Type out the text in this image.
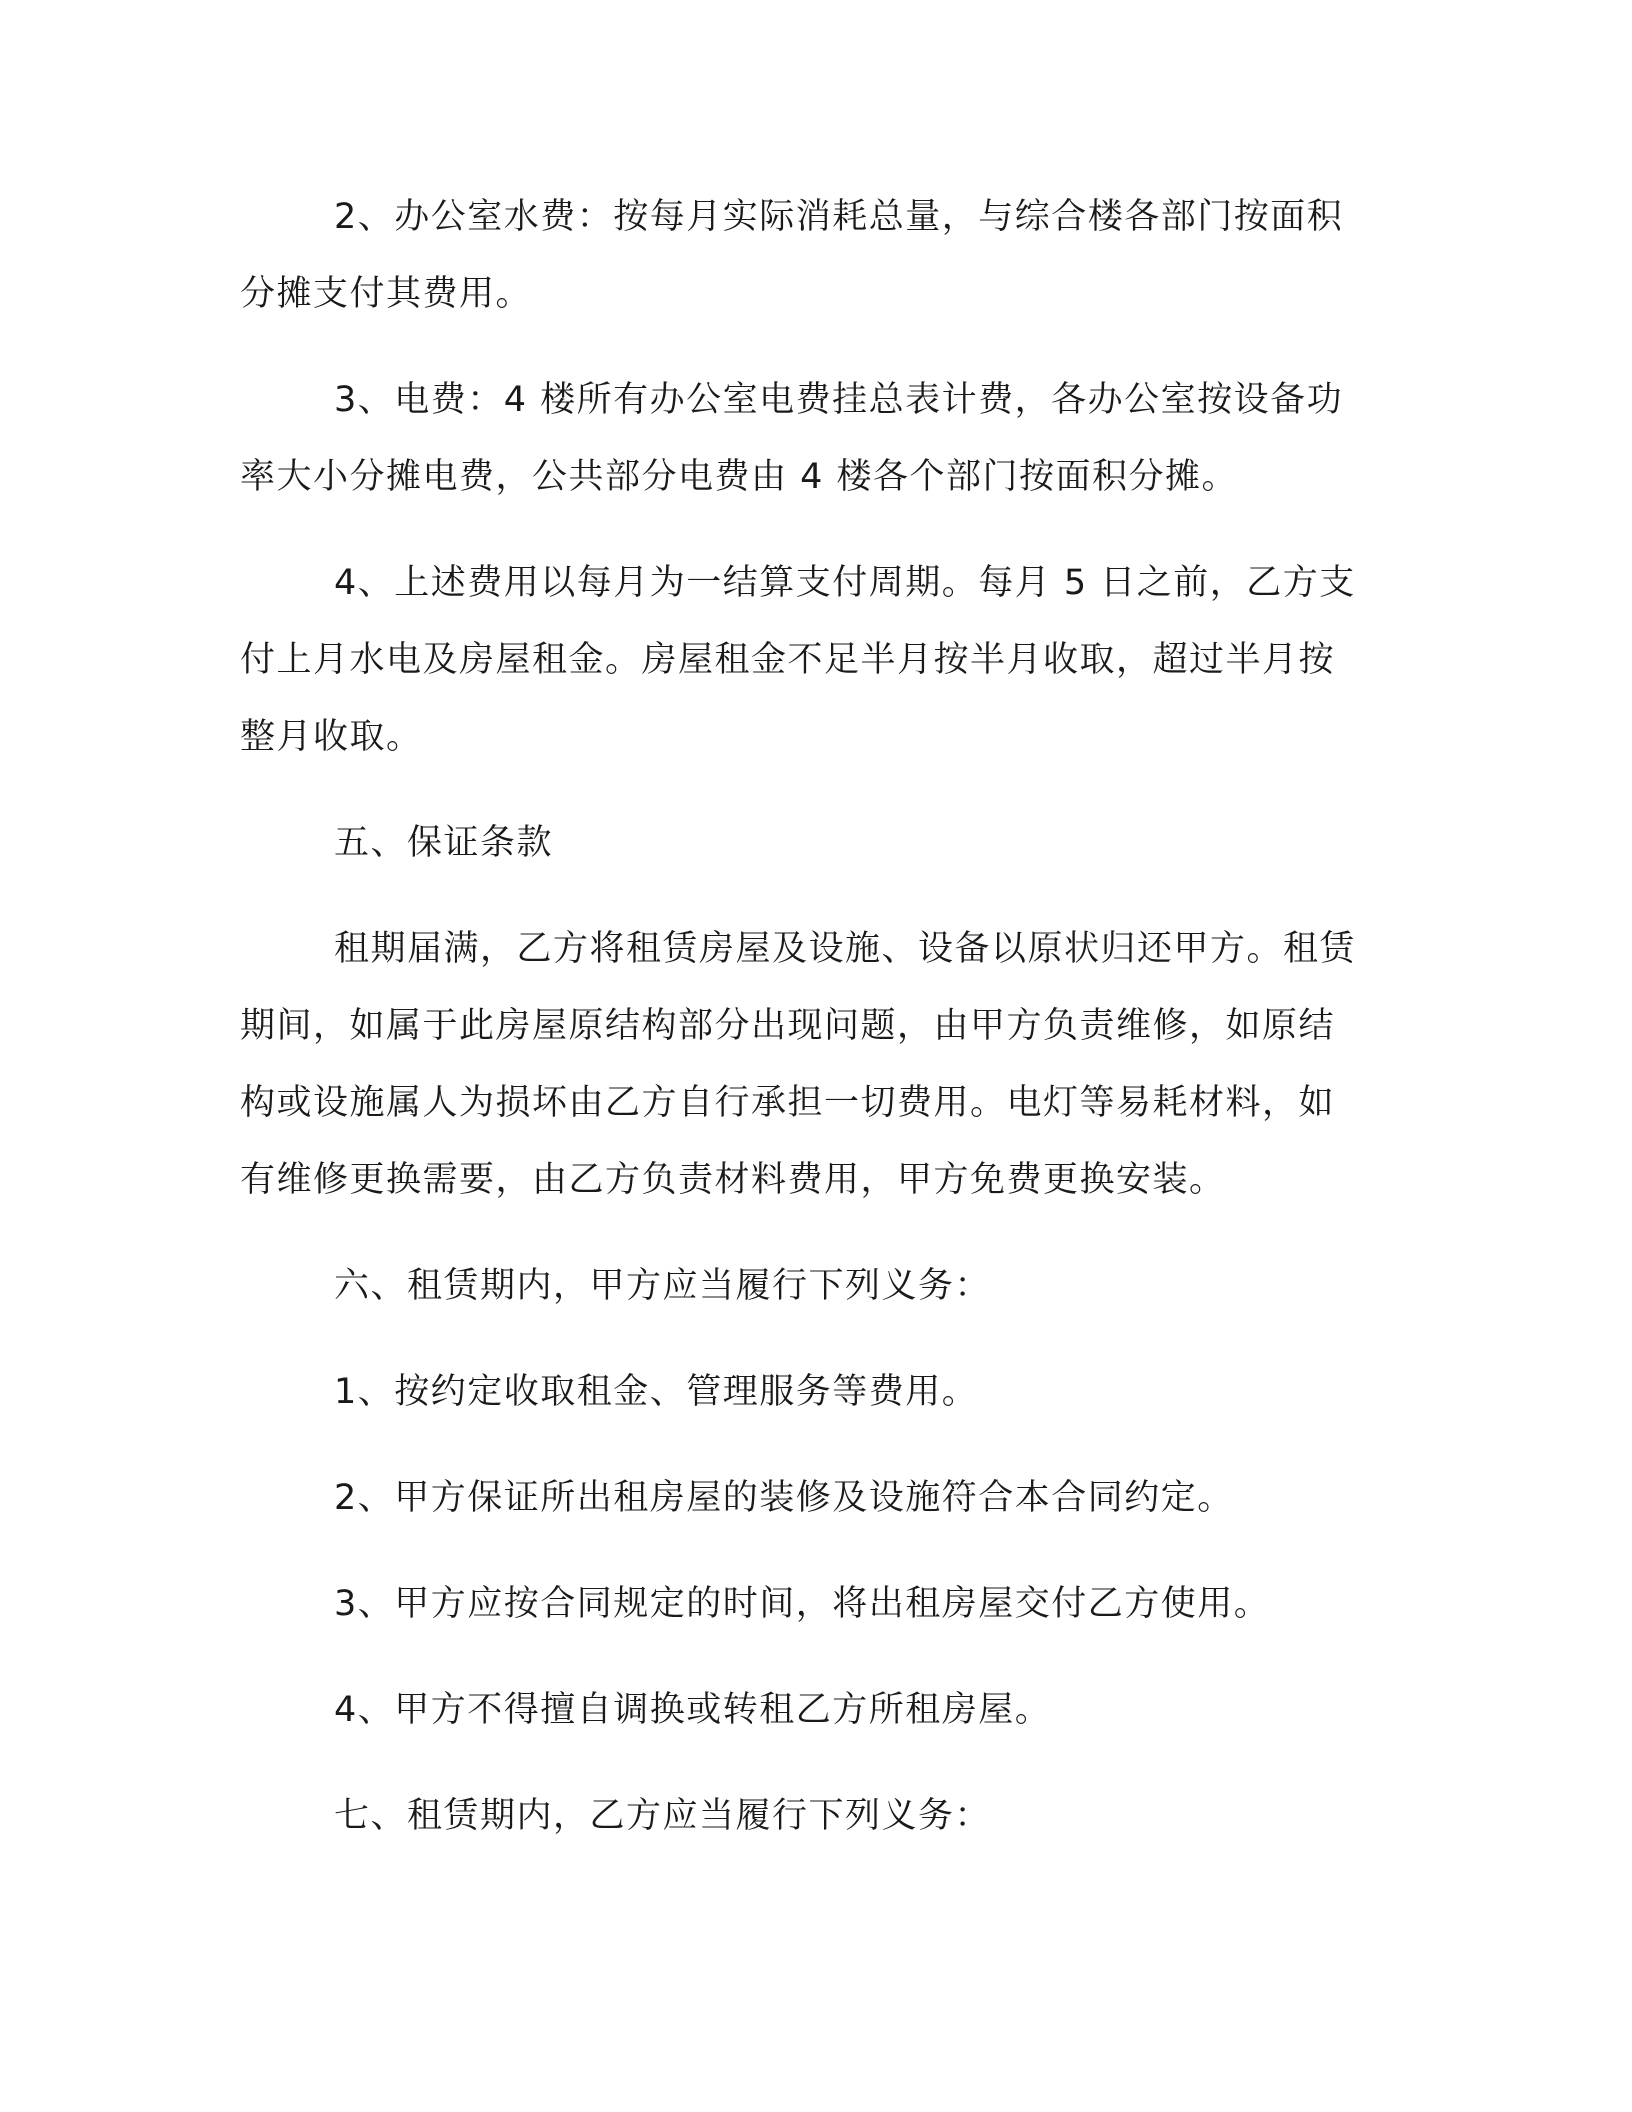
2、办公室水费：按每月实际消耗总量，与综合楼各部门按面积

分摊支付其费用。

3、电费：4 楼所有办公室电费挂总表计费，各办公室按设备功

率大小分摊电费，公共部分电费由 4 楼各个部门按面积分摊。

4、上述费用以每月为一结算支付周期。每月 5 日之前，乙方支

付上月水电及房屋租金。房屋租金不足半月按半月收取，超过半月按

整月收取。

五、保证条款

租期届满，乙方将租赁房屋及设施、设备以原状归还甲方。租赁

期间，如属于此房屋原结构部分出现问题，由甲方负责维修，如原结

构或设施属人为损坏由乙方自行承担一切费用。电灯等易耗材料，如

有维修更换需要，由乙方负责材料费用，甲方免费更换安装。

六、租赁期内，甲方应当履行下列义务：

1、按约定收取租金、管理服务等费用。

2、甲方保证所出租房屋的装修及设施符合本合同约定。

3、甲方应按合同规定的时间，将出租房屋交付乙方使用。

4、甲方不得擅自调换或转租乙方所租房屋。

七、租赁期内，乙方应当履行下列义务：
